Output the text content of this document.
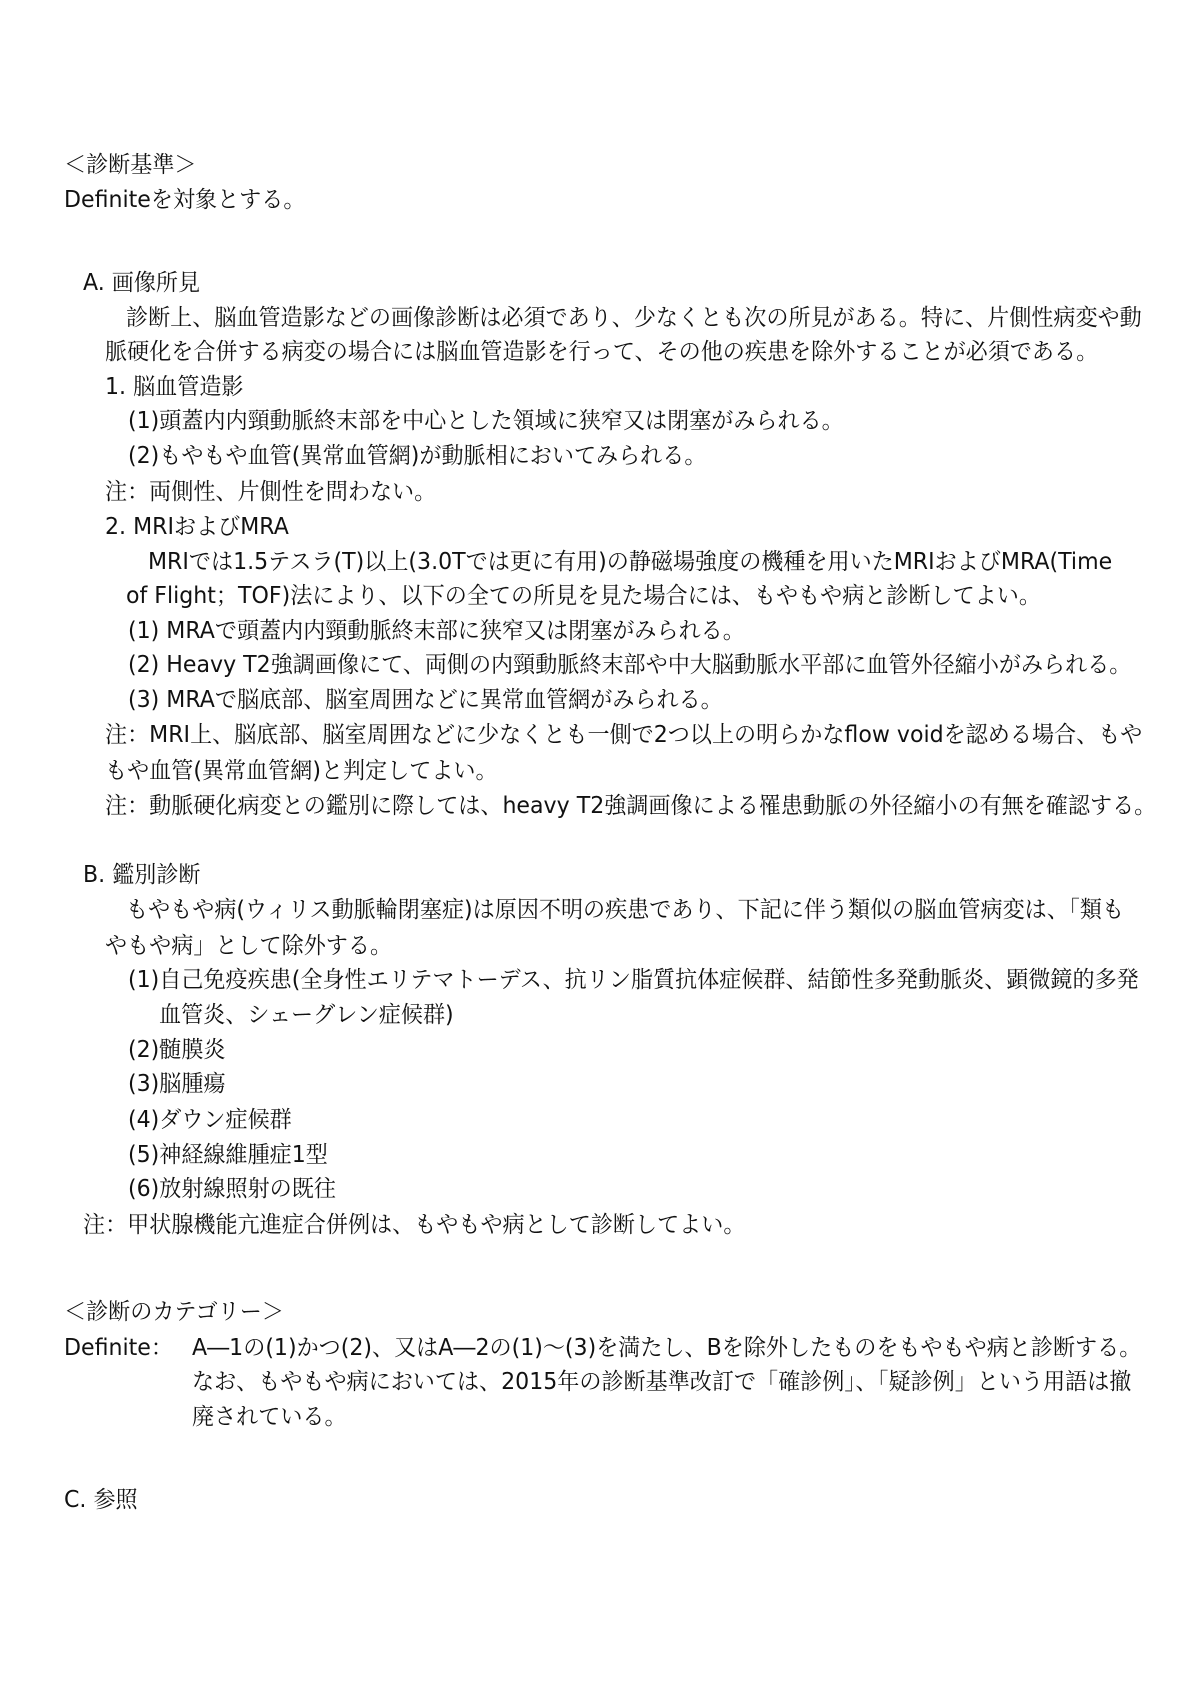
＜診断基準＞
Definiteを対象とする。
A. 画像所見
診断上、脳血管造影などの画像診断は必須であり、少なくとも次の所見がある。特に、片側性病変や動
脈硬化を合併する病変の場合には脳血管造影を行って、その他の疾患を除外することが必須である。
1. 脳血管造影
(1)頭蓋内内頸動脈終末部を中心とした領域に狭窄又は閉塞がみられる。
(2)もやもや血管(異常血管網)が動脈相においてみられる。
注：両側性、片側性を問わない。
2. MRIおよびMRA
MRIでは1.5テスラ(T)以上(3.0Tでは更に有用)の静磁場強度の機種を用いたMRIおよびMRA(Time
of Flight；TOF)法により、以下の全ての所見を見た場合には、もやもや病と診断してよい。
(1) MRAで頭蓋内内頸動脈終末部に狭窄又は閉塞がみられる。
(2) Heavy T2強調画像にて、両側の内頸動脈終末部や中大脳動脈水平部に血管外径縮小がみられる。
(3) MRAで脳底部、脳室周囲などに異常血管網がみられる。
注：MRI上、脳底部、脳室周囲などに少なくとも一側で2つ以上の明らかなflow voidを認める場合、もや
もや血管(異常血管網)と判定してよい。
注：動脈硬化病変との鑑別に際しては、heavy T2強調画像による罹患動脈の外径縮小の有無を確認する。
B. 鑑別診断
もやもや病(ウィリス動脈輪閉塞症)は原因不明の疾患であり、下記に伴う類似の脳血管病変は、「類も
やもや病」として除外する。
(1)自己免疫疾患(全身性エリテマトーデス、抗リン脂質抗体症候群、結節性多発動脈炎、顕微鏡的多発
血管炎、シェーグレン症候群)
(2)髄膜炎
(3)脳腫瘍
(4)ダウン症候群
(5)神経線維腫症1型
(6)放射線照射の既往
注：甲状腺機能亢進症合併例は、もやもや病として診断してよい。
＜診断のカテゴリー＞
Definite： A―1の(1)かつ(2)、又はA―2の(1)～(3)を満たし、Bを除外したものをもやもや病と診断する。
なお、もやもや病においては、2015年の診断基準改訂で「確診例」、「疑診例」という用語は撤
廃されている。
C. 参照
